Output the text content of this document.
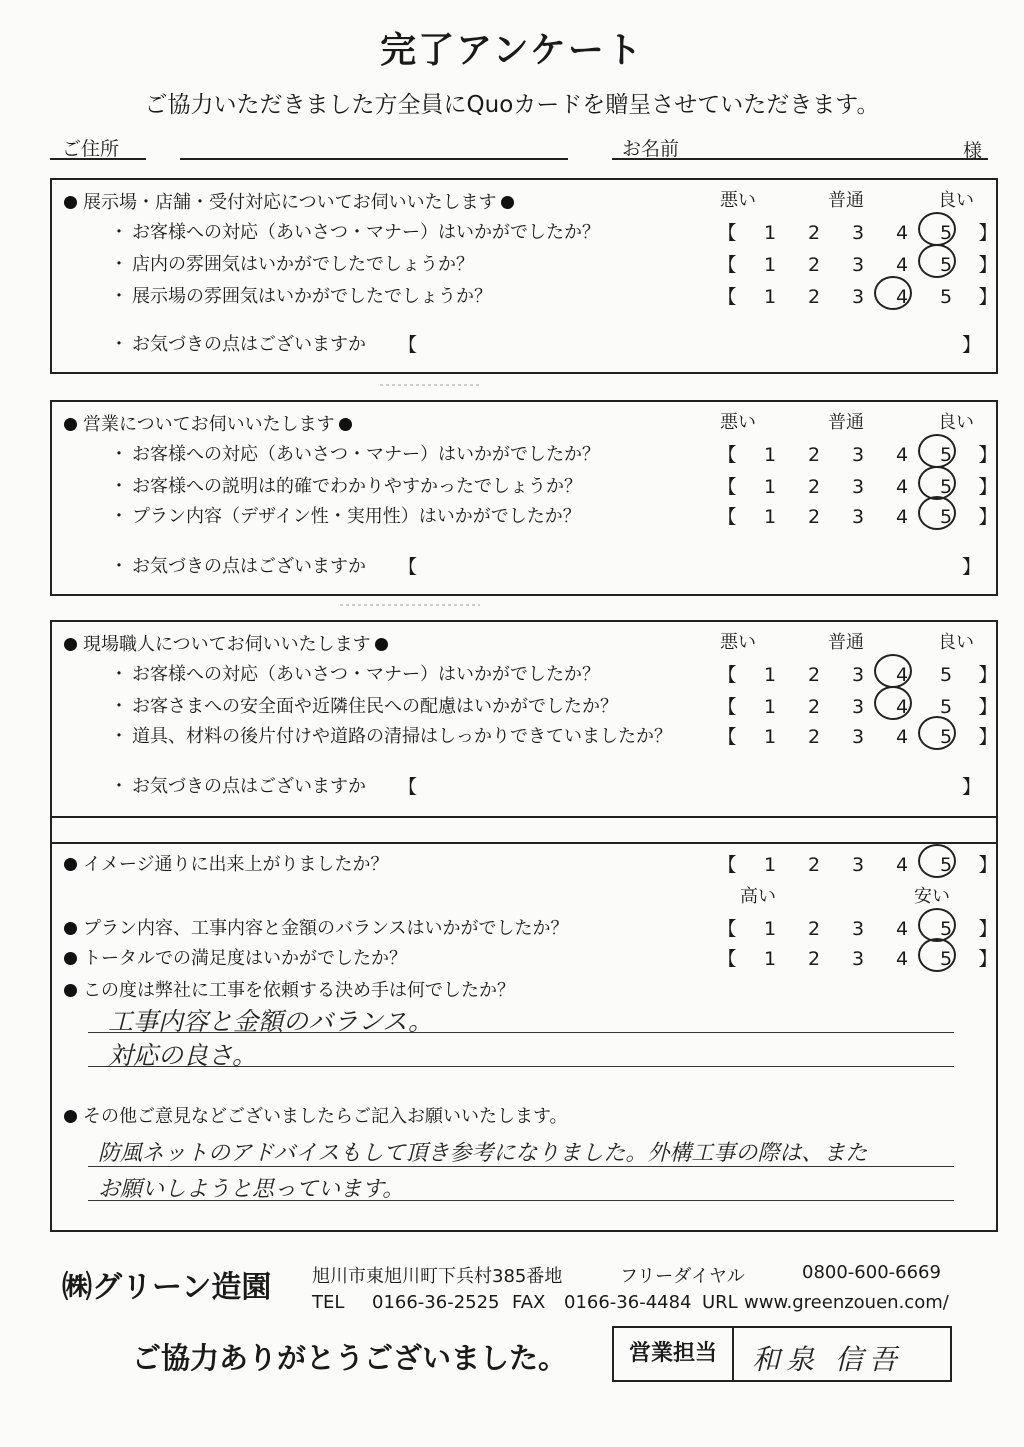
完了アンケート
ご協力いただきました方全員にQuoカードを贈呈させていただきます。
ご住所	お名前	様
展示場・店舗・受付対応についてお伺いいたします	悪い	普通	良い
・ お客様への対応（あいさつ・マナー）はいかがでしたか？	【 1 2 3 4 5 】
・ 店内の雰囲気はいかがでしたでしょうか？	【 1 2 3 4 5 】
・ 展示場の雰囲気はいかがでしたでしょうか？	【 1 2 3 4 5 】
・ お気づきの点はございますか 【	】
営業についてお伺いいたします	悪い	普通	良い
・ お客様への対応（あいさつ・マナー）はいかがでしたか？	【 1 2 3 4 5 】
・ お客様への説明は的確でわかりやすかったでしょうか？	【 1 2 3 4 5 】
・ プラン内容（デザイン性・実用性）はいかがでしたか？	【 1 2 3 4 5 】
・ お気づきの点はございますか 【	】
現場職人についてお伺いいたします	悪い	普通	良い
・ お客様への対応（あいさつ・マナー）はいかがでしたか？	【 1 2 3 4 5 】
・ お客さまへの安全面や近隣住民への配慮はいかがでしたか？	【 1 2 3 4 5 】
・ 道具、材料の後片付けや道路の清掃はしっかりできていましたか？	【 1 2 3 4 5 】
・ お気づきの点はございますか 【	】
イメージ通りに出来上がりましたか？	【 1 2 3 4 5 】
高い	安い
プラン内容、工事内容と金額のバランスはいかがでしたか？	【 1 2 3 4 5 】
トータルでの満足度はいかがでしたか？	【 1 2 3 4 5 】
この度は弊社に工事を依頼する決め手は何でしたか？
工事内容と金額のバランス。
対応の良さ。
その他ご意見などございましたらご記入お願いいたします。
防風ネットのアドバイスもして頂き参考になりました。外構工事の際は、また
お願いしようと思っています。
㈱グリーン造園 旭川市東旭川町下兵村385番地	フリーダイヤル	0800-600-6669
TEL 0166-36-2525 FAX 0166-36-4484 URL www.greenzouen.com/
ご協力ありがとうございました。	営業担当	和泉 信吾
